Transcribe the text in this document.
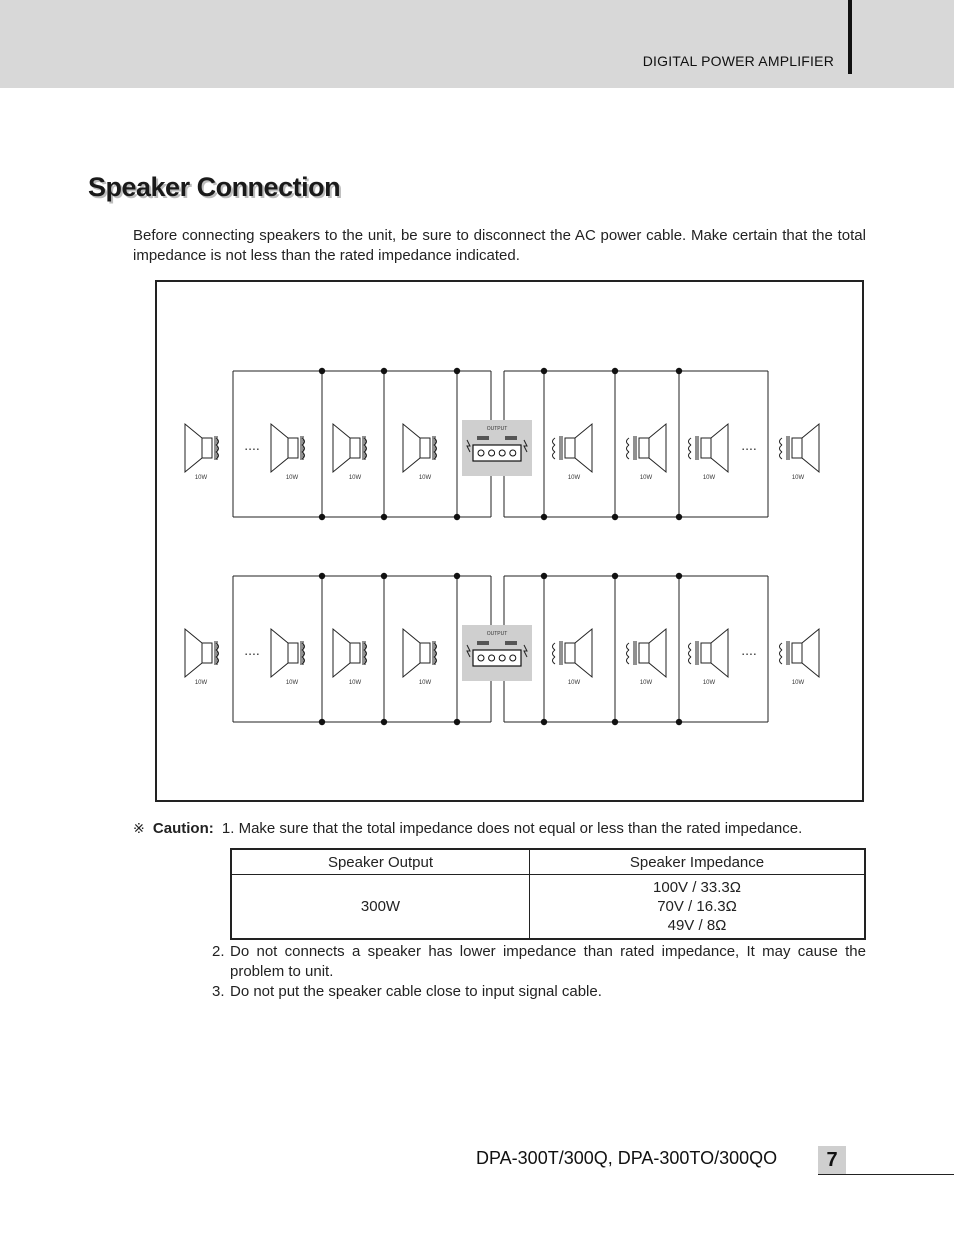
DIGITAL POWER AMPLIFIER
Speaker Connection
Before connecting speakers to the unit, be sure to disconnect the AC power cable. Make certain that the total impedance is not less than the rated impedance indicated.
....	....
10W	10W	10W	10W	10W	10W	10W	10W
OUTPUT
....	....
10W	10W	10W	10W	10W	10W	10W	10W
OUTPUT
※ Caution: 1. Make sure that the total impedance does not equal or less than the rated impedance.
Speaker Output	Speaker Impedance
300W	100V / 33.3Ω
70V / 16.3Ω
49V / 8Ω
2. Do not connects a speaker has lower impedance than rated impedance, It may cause the problem to unit.
3. Do not put the speaker cable close to input signal cable.
DPA-300T/300Q, DPA-300TO/300QO	7
